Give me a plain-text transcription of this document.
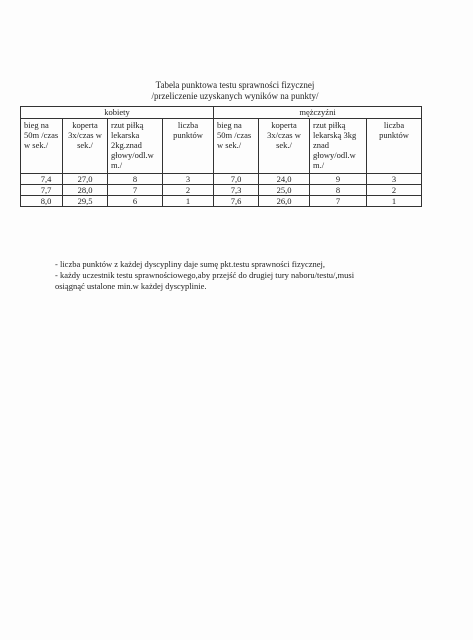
Tabela punktowa testu sprawności fizycznej
/przeliczenie uzyskanych wyników na punkty/
kobiety				mężczyźni			
bieg na 50m /czas w sek./	koperta 3x/czas w sek./	rzut piłką lekarska 2kg.znad głowy/odl.w m./	liczba punktów	bieg na 50m /czas w sek./	koperta 3x/czas w sek./	rzut piłką lekarską 3kg znad głowy/odl.w m./	liczba punktów
7,4	27,0	8	3	7,0	24,0	9	3
7,7	28,0	7	2	7,3	25,0	8	2
8,0	29,5	6	1	7,6	26,0	7	1
- liczba punktów z każdej dyscypliny daje sumę pkt.testu sprawności fizycznej,
- każdy uczestnik testu sprawnościowego,aby przejść do drugiej tury naboru/testu/,musi
osiągnąć ustalone min.w każdej dyscyplinie.
